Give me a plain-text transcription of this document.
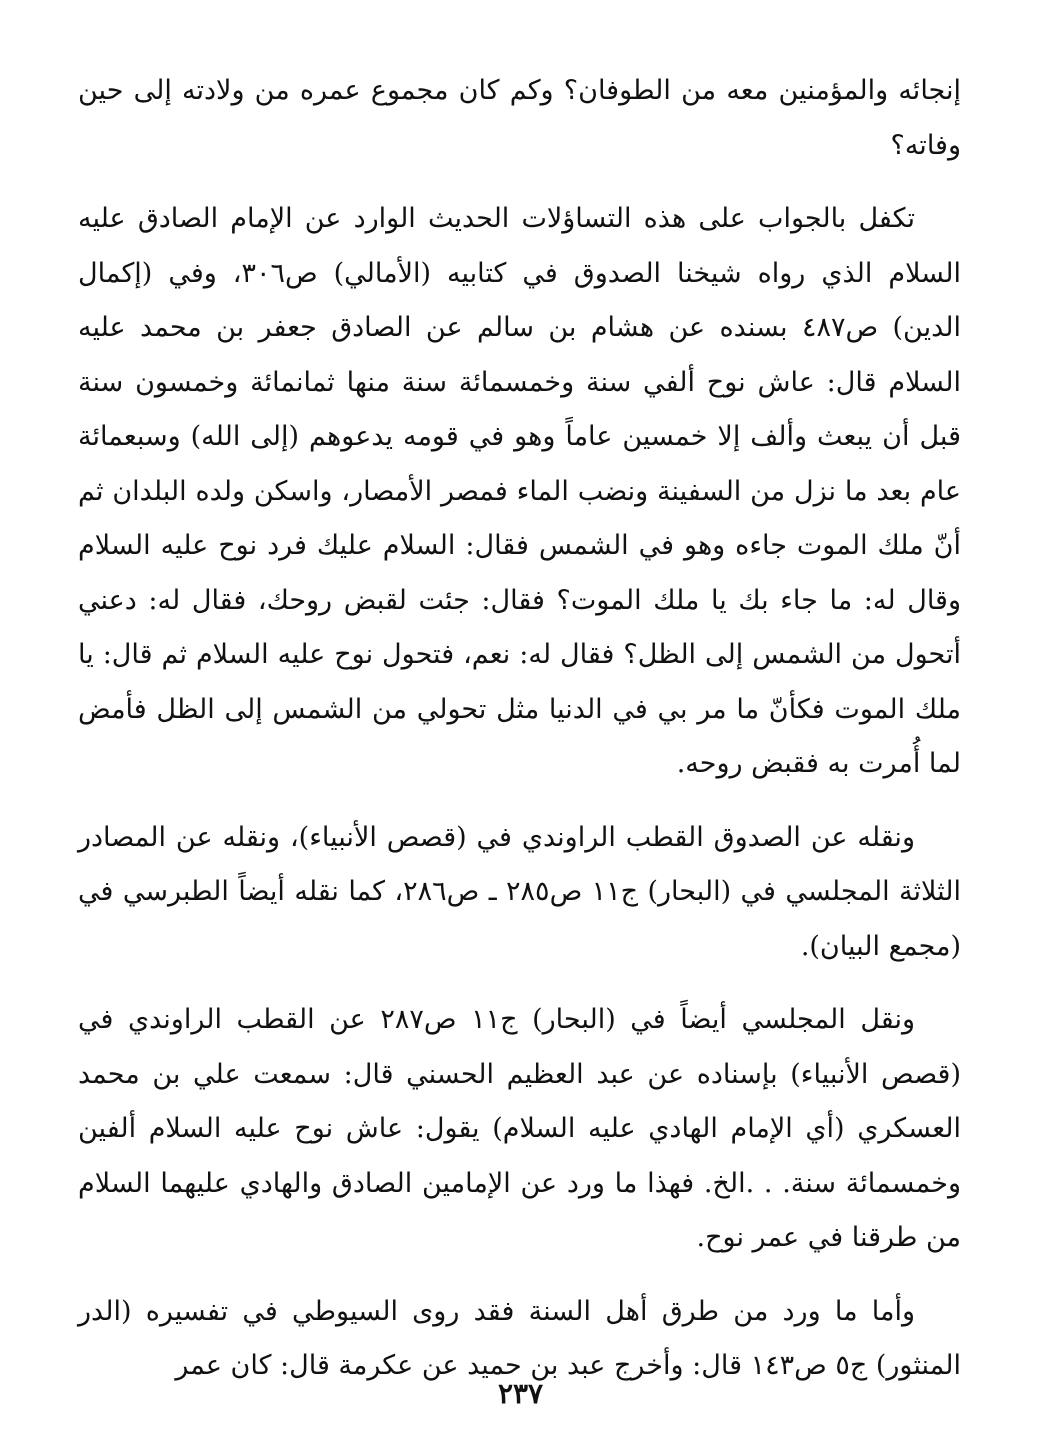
إنجائه والمؤمنين معه من الطوفان؟ وكم كان مجموع عمره من ولادته إلى حين وفاته؟

تكفل بالجواب على هذه التساؤلات الحديث الوارد عن الإمام الصادق عليه السلام الذي رواه شيخنا الصدوق في كتابيه (الأمالي) ص٣٠٦، وفي (إكمال الدين) ص٤٨٧ بسنده عن هشام بن سالم عن الصادق جعفر بن محمد عليه السلام قال: عاش نوح ألفي سنة وخمسمائة سنة منها ثمانمائة وخمسون سنة قبل أن يبعث وألف إلا خمسين عاماً وهو في قومه يدعوهم (إلى الله) وسبعمائة عام بعد ما نزل من السفينة ونضب الماء فمصر الأمصار، واسكن ولده البلدان ثم أنّ ملك الموت جاءه وهو في الشمس فقال: السلام عليك فرد نوح عليه السلام وقال له: ما جاء بك يا ملك الموت؟ فقال: جئت لقبض روحك، فقال له: دعني أتحول من الشمس إلى الظل؟ فقال له: نعم، فتحول نوح عليه السلام ثم قال: يا ملك الموت فكأنّ ما مر بي في الدنيا مثل تحولي من الشمس إلى الظل فأمض لما أُمرت به فقبض روحه.

ونقله عن الصدوق القطب الراوندي في (قصص الأنبياء)، ونقله عن المصادر الثلاثة المجلسي في (البحار) ج١١ ص٢٨٥ ـ ص٢٨٦، كما نقله أيضاً الطبرسي في (مجمع البيان).

ونقل المجلسي أيضاً في (البحار) ج١١ ص٢٨٧ عن القطب الراوندي في (قصص الأنبياء) بإسناده عن عبد العظيم الحسني قال: سمعت علي بن محمد العسكري (أي الإمام الهادي عليه السلام) يقول: عاش نوح عليه السلام ألفين وخمسمائة سنة. . .الخ. فهذا ما ورد عن الإمامين الصادق والهادي عليهما السلام من طرقنا في عمر نوح.

وأما ما ورد من طرق أهل السنة فقد روى السيوطي في تفسيره (الدر المنثور) ج٥ ص١٤٣ قال: وأخرج عبد بن حميد عن عكرمة قال: كان عمر

٢٣٧
